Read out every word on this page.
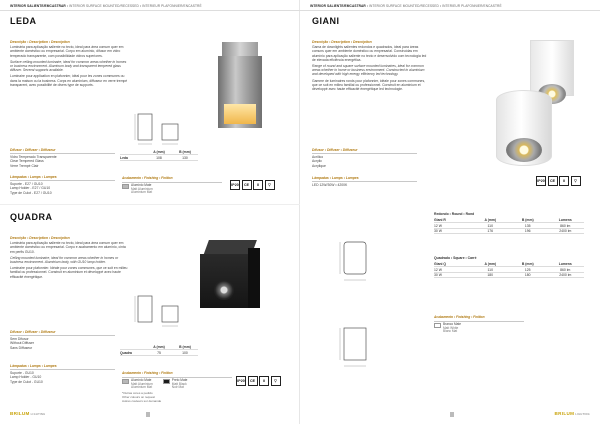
INTERIOR SALIENTE/EMCASTRAR • INTERIOR SURFACE MOUNTED/RECESSED • INTERIEUR PLAFONNIER/ENCASTRÉ
LEDA
Descrição • Description • Description
Luminária para aplicação saliente no tecto, ideal para área comum quer em ambiente doméstico ou empresarial. Corpo em alumínio, difusor em vidro temperado transparente, com possibilidade vidros superiores.
Surface ceiling-mounted luminaire, ideal for common areas whether in homes or business environment. Aluminum body and transparent tempered glass diffuser. Several supports available.
Luminaire pour application en plafonnier, idéal pour les zones communes ou dans la maison ou la business. Corps en aluminium, diffuseur en verre trempé transparent, avec possibilité de divers type de supports.
Difusor • Diffuser • Diffuseur
Vidro Temperado Transparente
Clear Tempered Glass
Verre Trempé Clair
Lâmpadas • Lamps • Lampes
Suporte - E27 / GU10
Lamp Holder - E27 / GU10
Type de Culot - E27 / GU10
A (mm)	B (mm)
Leda	108	130
Acabamento • Finishing • Finition
Alumínio Mate
Matt Aluminium
Aluminium Mat
IP20	CE	II	▽
QUADRA
Descrição • Description • Description
Luminária para aplicação saliente no tecto, ideal para área comum quer em ambiente doméstico ou empresarial. Corpo e acabamento em alumínio, cinta em perfis GU10.
Ceiling mounted luminaire, ideal for common areas whether in homes or business environment. Aluminium body, with GU10 lamp holder.
Luminaire pour plafonnier. Idéale pour zones communes, que ce soit en milieu familial ou professionnel. Construit en aluminium et développé avec haute efficacité énergétique.
Difusor • Diffuser • Diffuseur
Sem Difusor
Without Diffuser
Sans Diffuseur
Lâmpadas • Lamps • Lampes
Suporte - GU10
Lamp Holder - GU10
Type de Culot - GU10
A (mm)	B (mm)
Quadra	75	100
Acabamento • Finishing • Finition
Alumínio Mate
Matt Aluminium
Aluminium Mat
Preto Mate
Matt Black
Noir Mat
*Outras cores a pedido
Other colours on request
Autres couleurs sur demande
IP20	CE	II	▽
BRILUMLIGHTING
INTERIOR SALIENTE/EMCASTRAR • INTERIOR SURFACE MOUNTED/RECESSED • INTERIEUR PLAFONNIER/ENCASTRÉ
GIANI
Descrição • Description • Description
Gama de downlights salientes redondos e quadrados, ideal para áreas comuns quer em ambiente doméstico ou empresarial. Construídas em alumínio para aplicação saliente no tecto e desenvolvido com tecnologia led de elevada eficiência energética.
Range of round and square surface mounted luminaires, ideal for common areas whether in home or business environment. Constructed in aluminium and developed with high energy efficiency led technology.
Gamme de luminaires ronds pour plafonnier, idéale pour zones communes, que ce soit en milieu familial ou professionnel. Construit en aluminium et développé avec haute efficacité énergétique led technologie.
Difusor • Diffuser • Diffuseur
Acrílico
Acrylic
Acrylique
Lâmpadas • Lamps • Lampes
LED 12W/30W • 4200K
IP20	CE	II	▽
Redondo • Round • Rond
Giani R	A (mm)	B (mm)	Lumens
12 W	110	135	860 lm
30 W	176	196	2400 lm
Quadrado • Square • Carré
Giani Q	A (mm)	B (mm)	Lumens
12 W	110	125	860 lm
30 W	180	180	2400 lm
Acabamento • Finishing • Finition
Branco Mate
Matt White
Blanc Mat
BRILUMLIGHTING
